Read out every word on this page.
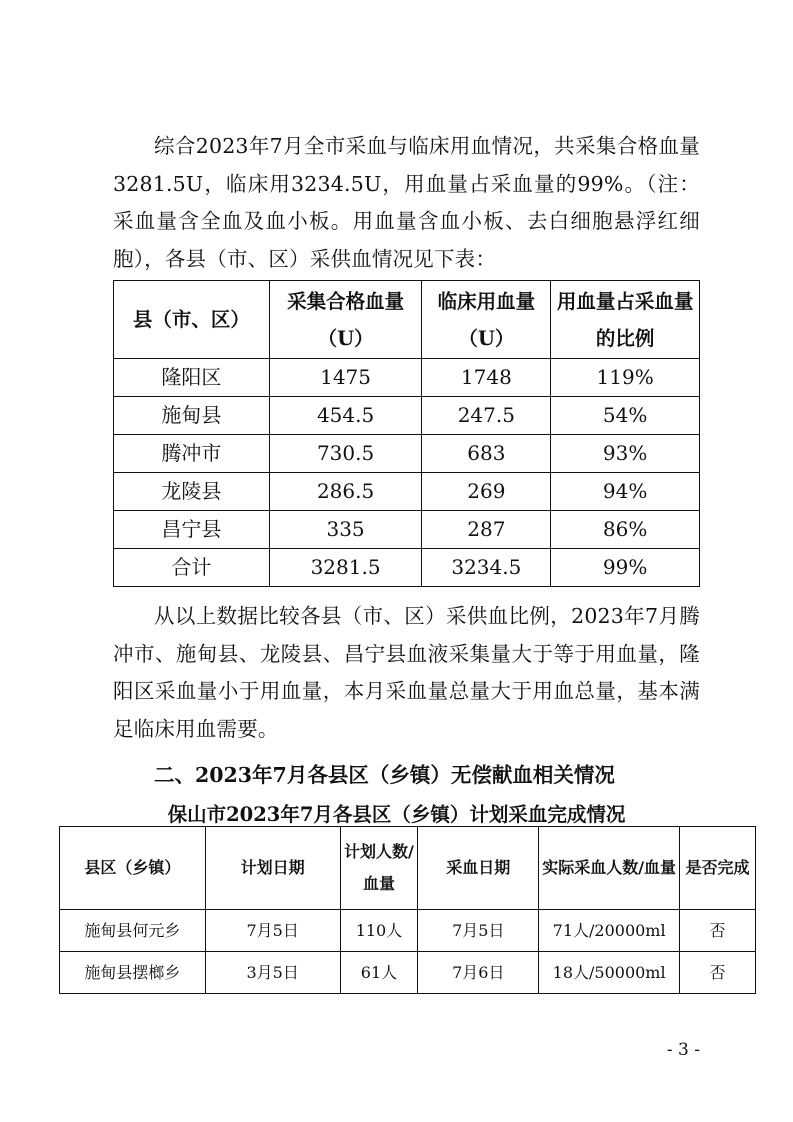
综合2023年7月全市采血与临床用血情况，共采集合格血量3281.5U，临床用3234.5U，用血量占采血量的99%。（注：采血量含全血及血小板。用血量含血小板、去白细胞悬浮红细胞），各县（市、区）采供血情况见下表：

县（市、区）	采集合格血量（U）	临床用血量（U）	用血量占采血量的比例
隆阳区	1475	1748	119%
施甸县	454.5	247.5	54%
腾冲市	730.5	683	93%
龙陵县	286.5	269	94%
昌宁县	335	287	86%
合计	3281.5	3234.5	99%

从以上数据比较各县（市、区）采供血比例，2023年7月腾冲市、施甸县、龙陵县、昌宁县血液采集量大于等于用血量，隆阳区采血量小于用血量，本月采血量总量大于用血总量，基本满足临床用血需要。

二、2023年7月各县区（乡镇）无偿献血相关情况

保山市2023年7月各县区（乡镇）计划采血完成情况

县区（乡镇）	计划日期	计划人数/血量	采血日期	实际采血人数/血量	是否完成
施甸县何元乡	7月5日	110人	7月5日	71人/20000ml	否
施甸县摆榔乡	3月5日	61人	7月6日	18人/50000ml	否

- 3 -
